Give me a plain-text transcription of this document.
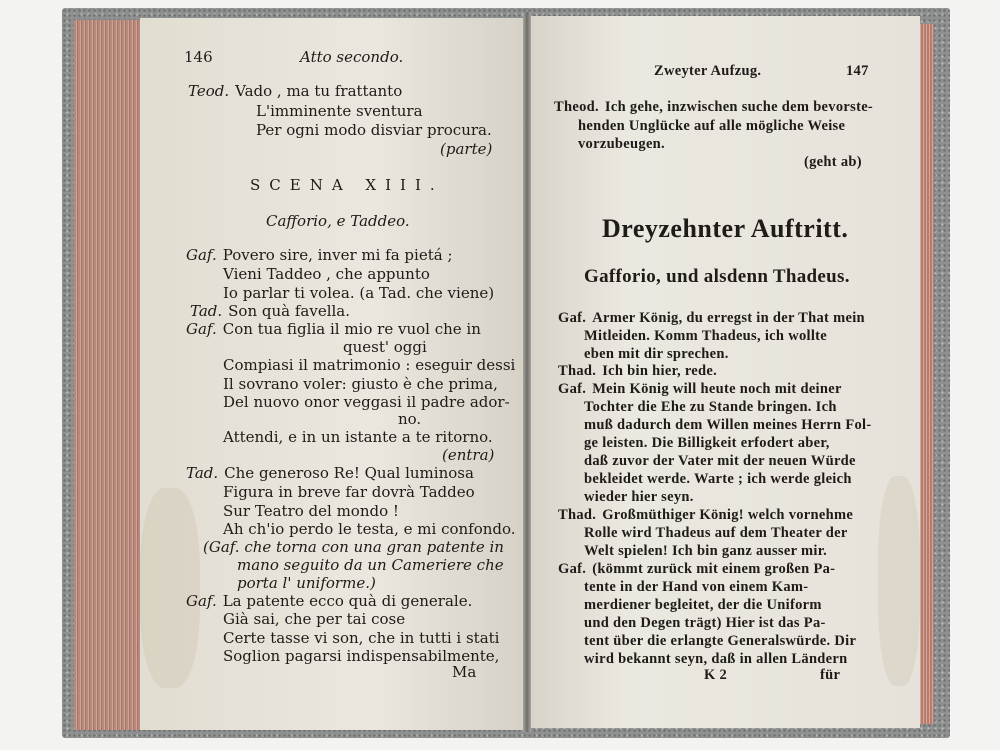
146	Atto secondo.
Teod. Vado , ma tu frattanto
L'imminente sventura
Per ogni modo disviar procura.
(parte)
SCENA XIII.
Cafforio, e Taddeo.
Gaf. Povero sire, inver mi fa pietá ;
Vieni Taddeo , che appunto
Io parlar ti volea. (a Tad. che viene)
Tad. Son quà favella.
Gaf. Con tua figlia il mio re vuol che in
quest' oggi
Compiasi il matrimonio : eseguir dessi
Il sovrano voler: giusto è che prima,
Del nuovo onor veggasi il padre ador-
no.
Attendi, e in un istante a te ritorno.
(entra)
Tad. Che generoso Re! Qual luminosa
Figura in breve far dovrà Taddeo
Sur Teatro del mondo !
Ah ch'io perdo le testa, e mi confondo.
(Gaf. che torna con una gran patente in
mano seguito da un Cameriere che
porta l' uniforme.)
Gaf. La patente ecco quà di generale.
Già sai, che per tai cose
Certe tasse vi son, che in tutti i stati
Soglion pagarsi indispensabilmente,
Ma
Zweyter Aufzug.	147
Theod. Ich gehe, inzwischen suche dem bevorste-
henden Unglücke auf alle mögliche Weise
vorzubeugen.
(geht ab)
Dreyzehnter Auftritt.
Gafforio, und alsdenn Thadeus.
Gaf. Armer König, du erregst in der That mein
Mitleiden. Komm Thadeus, ich wollte
eben mit dir sprechen.
Thad. Ich bin hier, rede.
Gaf. Mein König will heute noch mit deiner
Tochter die Ehe zu Stande bringen. Ich
muß dadurch dem Willen meines Herrn Fol-
ge leisten. Die Billigkeit erfodert aber,
daß zuvor der Vater mit der neuen Würde
bekleidet werde. Warte ; ich werde gleich
wieder hier seyn.
Thad. Großmüthiger König! welch vornehme
Rolle wird Thadeus auf dem Theater der
Welt spielen! Ich bin ganz ausser mir.
Gaf. (kömmt zurück mit einem großen Pa-
tente in der Hand von einem Kam-
merdiener begleitet, der die Uniform
und den Degen trägt) Hier ist das Pa-
tent über die erlangte Generalswürde. Dir
wird bekannt seyn, daß in allen Ländern
K 2	für
